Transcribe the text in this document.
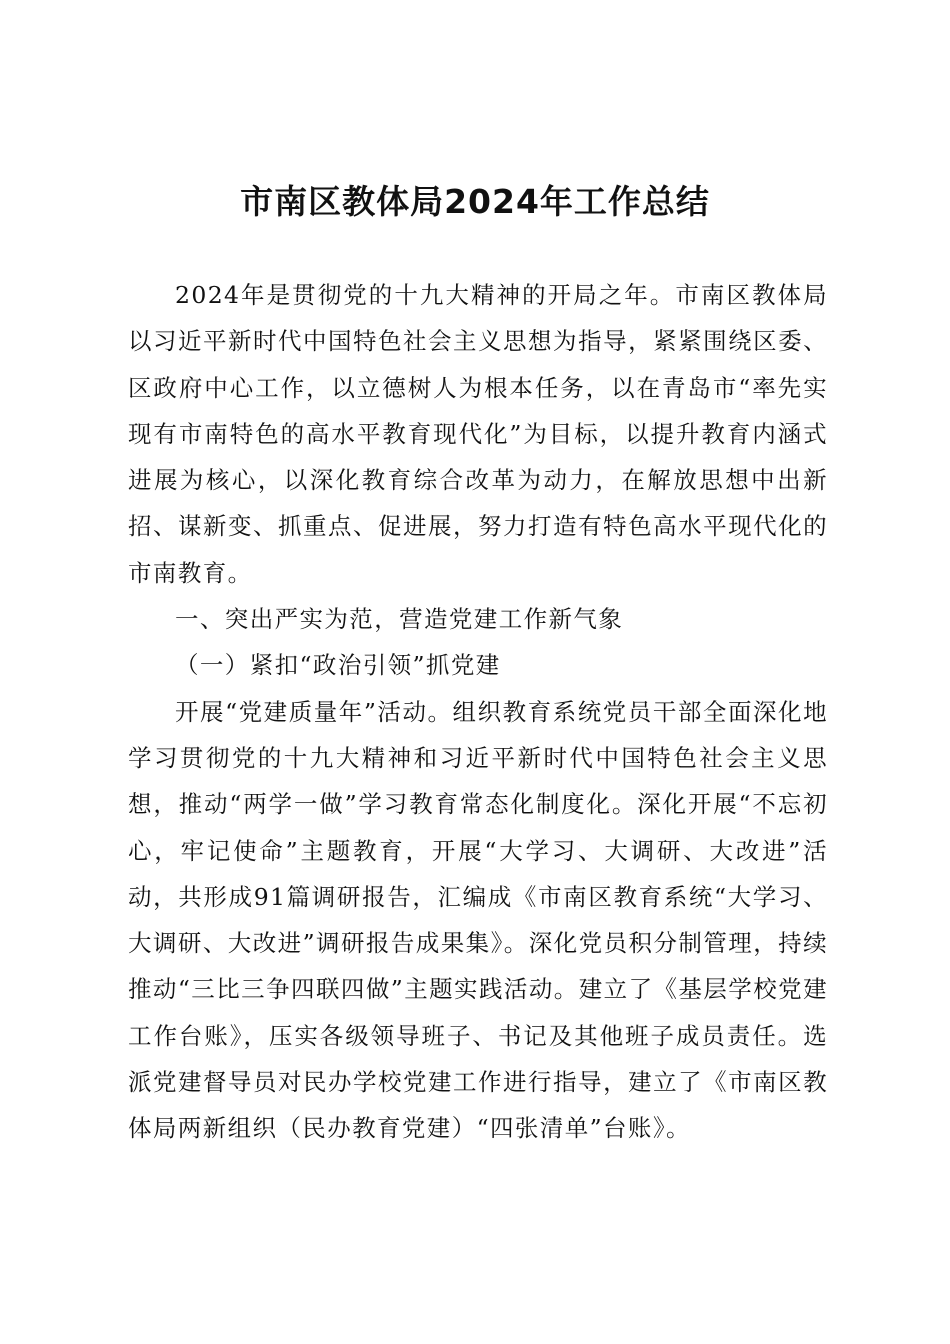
市南区教体局2024年工作总结

2024年是贯彻党的十九大精神的开局之年。市南区教体局以习近平新时代中国特色社会主义思想为指导，紧紧围绕区委、区政府中心工作，以立德树人为根本任务，以在青岛市“率先实现有市南特色的高水平教育现代化”为目标，以提升教育内涵式进展为核心，以深化教育综合改革为动力，在解放思想中出新招、谋新变、抓重点、促进展，努力打造有特色高水平现代化的市南教育。

一、突出严实为范，营造党建工作新气象

（一）紧扣“政治引领”抓党建

开展“党建质量年”活动。组织教育系统党员干部全面深化地学习贯彻党的十九大精神和习近平新时代中国特色社会主义思想，推动“两学一做”学习教育常态化制度化。深化开展“不忘初心，牢记使命”主题教育，开展“大学习、大调研、大改进”活动，共形成91篇调研报告，汇编成《市南区教育系统“大学习、大调研、大改进”调研报告成果集》。深化党员积分制管理，持续推动“三比三争四联四做”主题实践活动。建立了《基层学校党建工作台账》，压实各级领导班子、书记及其他班子成员责任。选派党建督导员对民办学校党建工作进行指导，建立了《市南区教体局两新组织（民办教育党建）“四张清单”台账》。
